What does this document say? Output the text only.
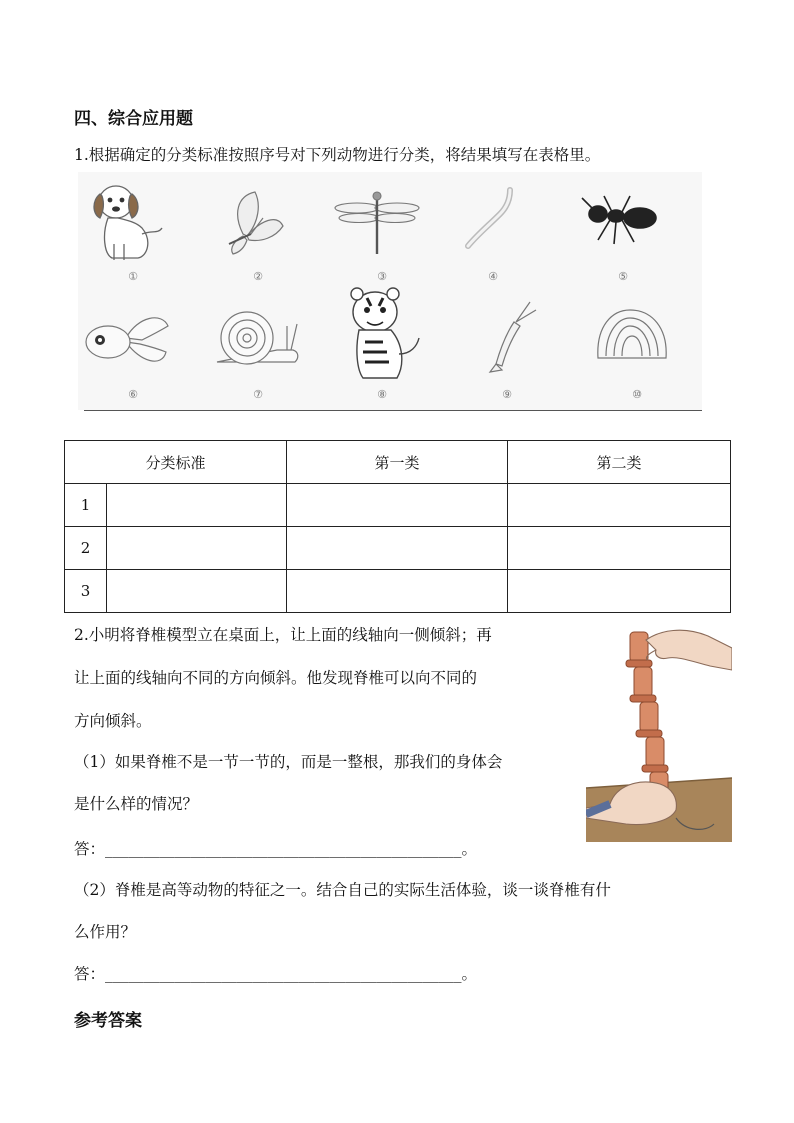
四、综合应用题
1.根据确定的分类标准按照序号对下列动物进行分类，将结果填写在表格里。
①	②	③	④	⑤
⑥	⑦	⑧	⑨	⑩
分类标准		第一类	第二类
1			
2			
3			
2.小明将脊椎模型立在桌面上，让上面的线轴向一侧倾斜；再
让上面的线轴向不同的方向倾斜。他发现脊椎可以向不同的
方向倾斜。
（1）如果脊椎不是一节一节的，而是一整根，那我们的身体会
是什么样的情况？
答：______________________________________________。
（2）脊椎是高等动物的特征之一。结合自己的实际生活体验，谈一谈脊椎有什
么作用？
答：______________________________________________。
参考答案
